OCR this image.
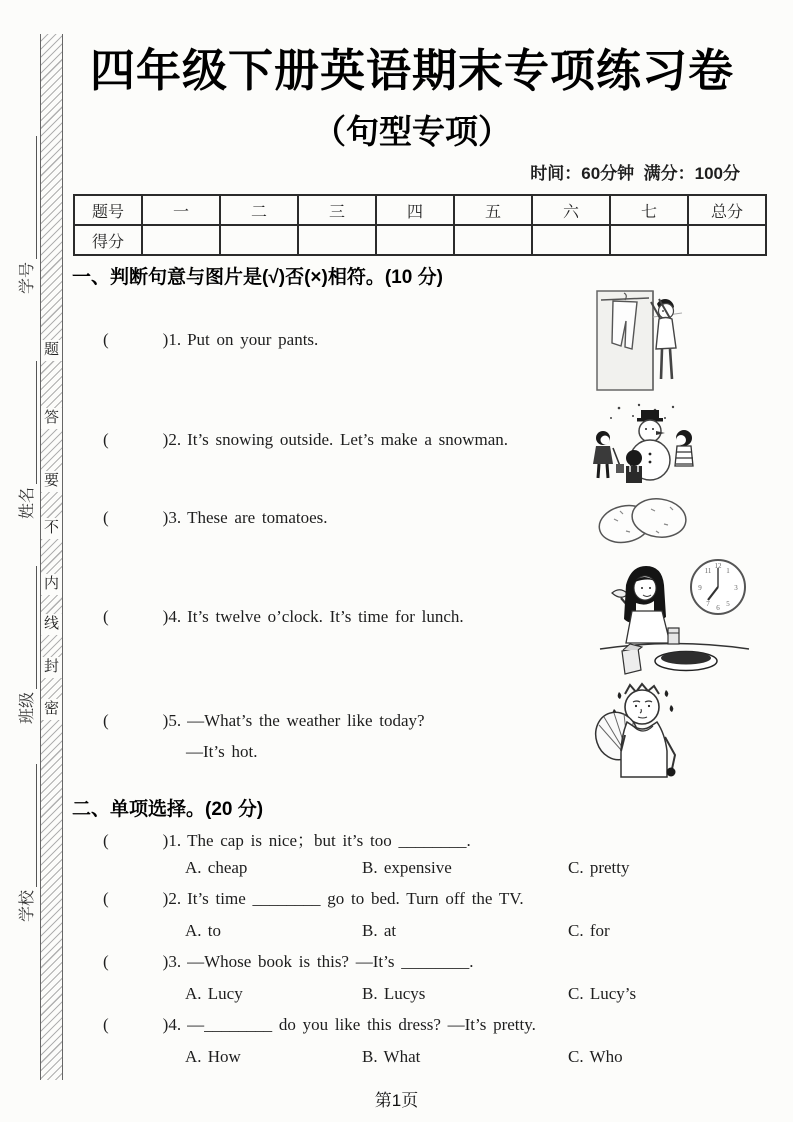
学号
姓名
班级
学校
题
答
要
不
内
线
封
密
四年级下册英语期末专项练习卷
（句型专项）
时间：60分钟  满分：100分
题号	一	二	三	四	五	六	七	总分
得分								
一、判断句意与图片是(√)否(×)相符。(10 分)
(        )1. Put on your pants.
(        )2. It’s snowing outside. Let’s make a snowman.
(        )3. These are tomatoes.
(        )4. It’s twelve o’clock. It’s time for lunch.
(        )5. —What’s the weather like today?
—It’s hot.
12
3
6
9
1
11
5
7
二、单项选择。(20 分)
(        )1. The cap is nice；but it’s too ________.
A. cheap	B. expensive	C. pretty
(        )2. It’s time ________ go to bed. Turn off the TV.
A. to	B. at	C. for
(        )3. —Whose book is this? —It’s ________.
A. Lucy	B. Lucys	C. Lucy’s
(        )4. —________ do you like this dress? —It’s pretty.
A. How	B. What	C. Who
第1页
